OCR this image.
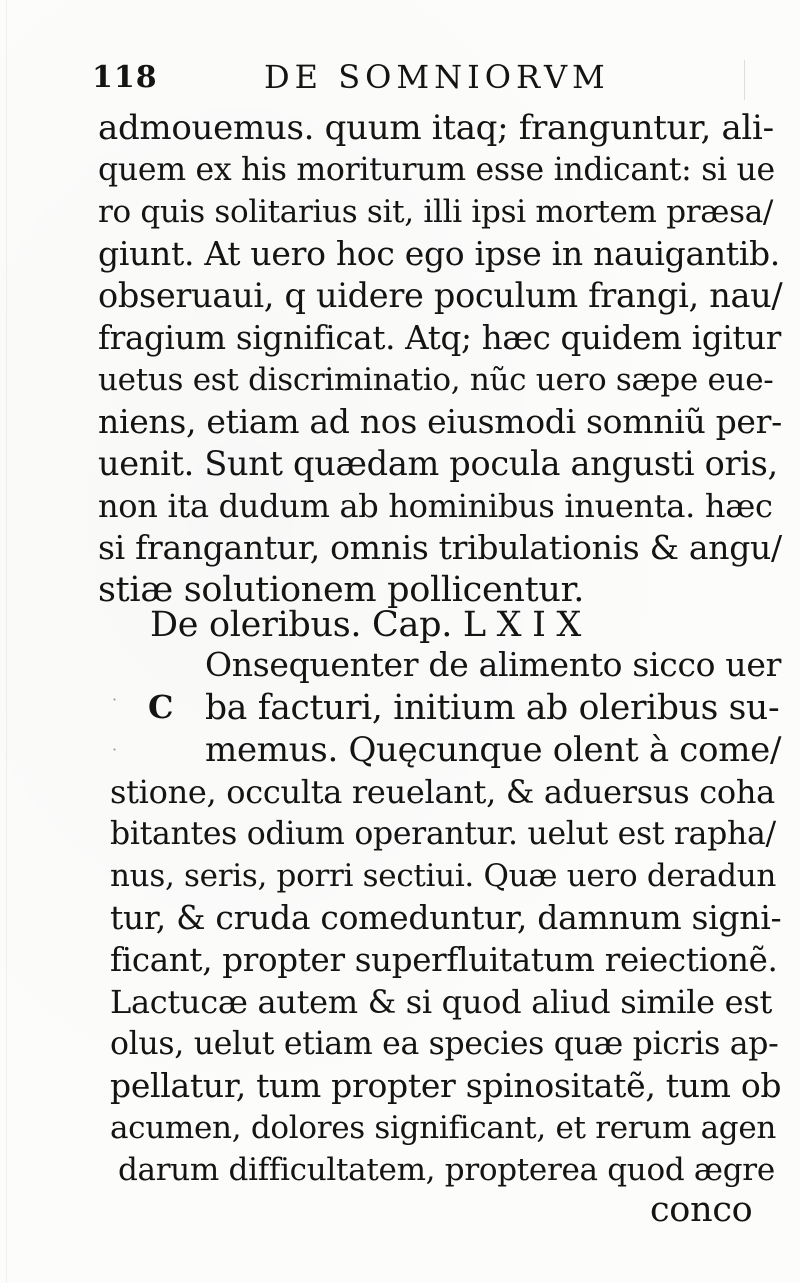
118	DE SOMNIORVM
admouemus. quum itaq; franguntur, ali-
quem ex his moriturum esse indicant: si ue
ro quis solitarius sit, illi ipsi mortem præsa/
giunt. At uero hoc ego ipse in nauigantib.
obseruaui, q uidere poculum frangi, nau/
fragium significat. Atq; hæc quidem igitur
uetus est discriminatio, nũc uero sæpe eue-
niens, etiam ad nos eiusmodi somniũ per-
uenit. Sunt quædam pocula angusti oris,
non ita dudum ab hominibus inuenta. hæc
si frangantur, omnis tribulationis & angu/
stiæ solutionem pollicentur.
De oleribus. Cap. L X I X
Onsequenter de alimento sicco uer
ba facturi, initium ab oleribus su-
memus. Quęcunque olent à come/
stione, occulta reuelant, & aduersus coha
bitantes odium operantur. uelut est rapha/
nus, seris, porri sectiui. Quæ uero deradun
tur, & cruda comeduntur, damnum signi-
ficant, propter superfluitatum reiectionẽ.
Lactucæ autem & si quod aliud simile est
olus, uelut etiam ea species quæ picris ap-
pellatur, tum propter spinositatẽ, tum ob
acumen, dolores significant, et rerum agen
darum difficultatem, propterea quod ægre
conco
C
·
·
